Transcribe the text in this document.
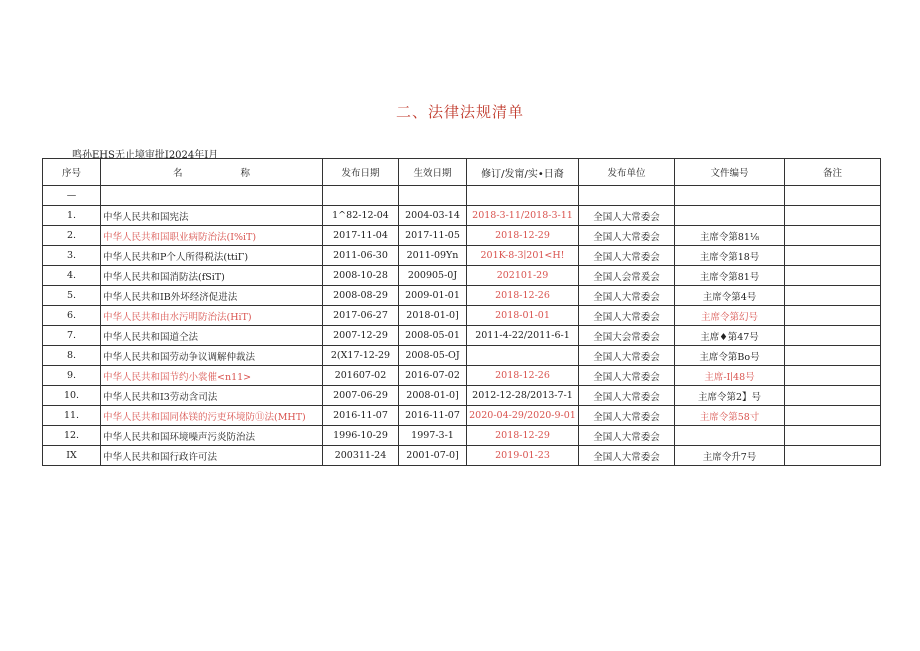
二、法律法规清单
鸣孙EHS无止境审批I2024年I月
序号	名 称	发布日期	生效日期	修订/发甯/实•日裔	发布单位	文件编号	备注
—							
1.	中华人民共和国宪法	1^82-12-04	2004-03-14	2018-3-11/2018-3-11	全国人大常委会		
2.	中华人民共和国职业病防治法(Ⅰ%iT)	2017-11-04	2017-11-05	2018-12-29	全国人大常委会	主席令第81⅛	
3.	中华人民共和P个人所得税法(ttiΓ)	2011-06-30	2011-09Yn	201K-8-3∣201<H!	全国人大常委会	主席令第18号	
4.	中华人民共和国消防法(fSiT)	2008-10-28	200905-0J	202101-29	全国人会常爰会	主席令第81号	
5.	中华人民共和IB外坏经济促进法	2008-08-29	2009-01-01	2018-12-26	全国人大常委会	主席令第4号	
6.	中华人民共和由水污明防治法(HiT)	2017-06-27	2018-01-0]	2018-01-01	全国人大常委会	主席令第幻号	
7.	中华人民共和国道仝法	2007-12-29	2008-05-01	2011-4-22/2011-6-1	全国大会常委会	主席♦第47号	
8.	中华人民共和国劳动争议调解仲裁法	2(X17-12-29	2008-05-OJ		全国人大常委会	主席令第Bo号	
9.	中华人民共和国节约小裳催<n11>	201607-02	2016-07-02	2018-12-26	全国人大常委会	主席-Ⅰ∣48号	
10.	中华人民共和I3劳动含司法	2007-06-29	2008-01-0]	2012-12-28/2013-7-1	全国人大常委会	主席令第2】号	
11.	中华人民共和国同体镁的污吏环境防⑪法(MHT)	2016-11-07	2016-11-07	2020-04-29/2020-9-01	全国人大常委会	主席令第58寸	
12.	中华人民共和国环境噪声污炎防治法	1996-10-29	1997-3-1	2018-12-29	全国人大常委会		
IX	中华人民共和国行政许可法	200311-24	2001-07-0]	2019-01-23	全国人大常委会	主席令升7号	
